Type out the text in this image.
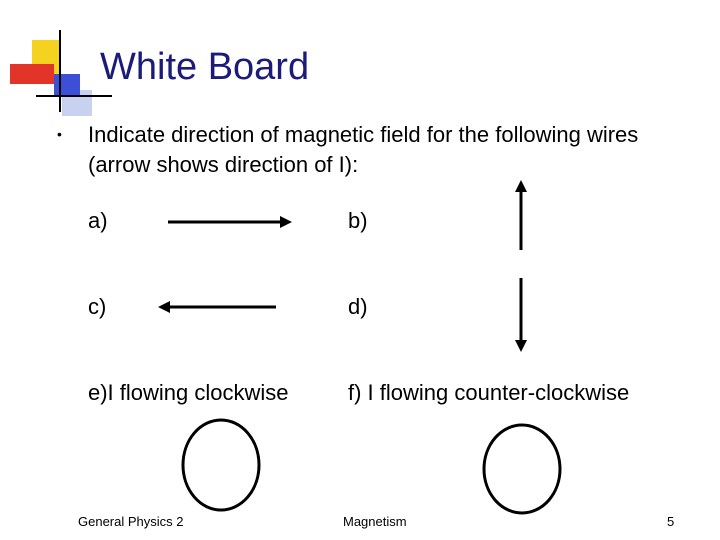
White Board
• Indicate direction of magnetic field for the following wires (arrow shows direction of I):
a)	b)
c)	d)
e)I flowing clockwise	f) I flowing counter-clockwise
General Physics 2	Magnetism	5
